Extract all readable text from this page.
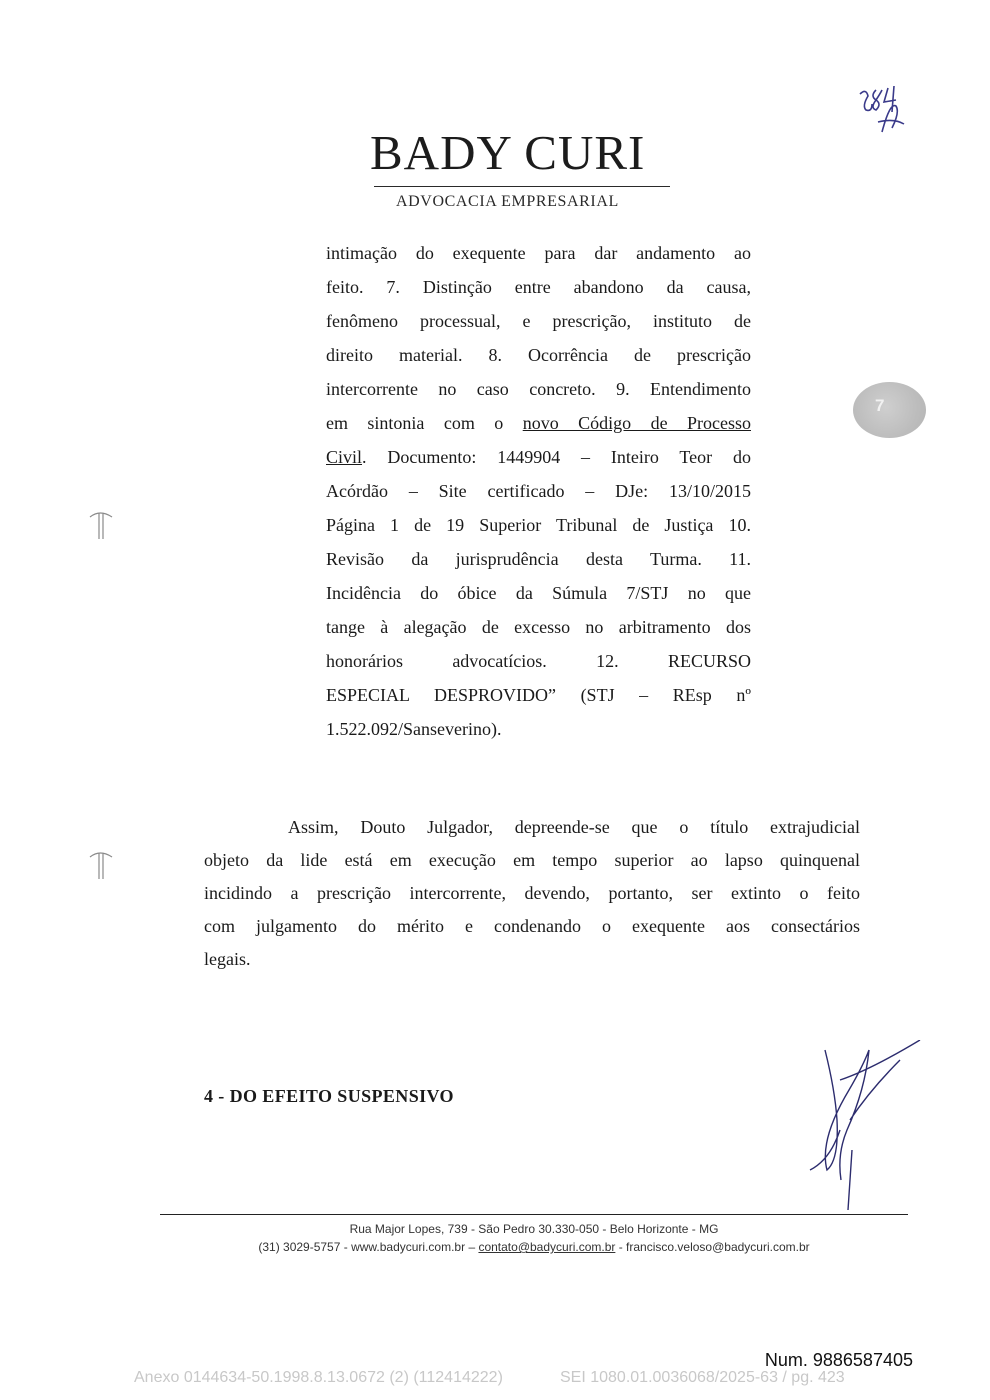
BADY CURI
ADVOCACIA EMPRESARIAL
7
intimação do exequente para dar andamento ao
feito. 7. Distinção entre abandono da causa,
fenômeno processual, e prescrição, instituto de
direito material. 8. Ocorrência de prescrição
intercorrente no caso concreto. 9. Entendimento
em sintonia com o novo Código de Processo
Civil. Documento: 1449904 – Inteiro Teor do
Acórdão – Site certificado – DJe: 13/10/2015
Página 1 de 19 Superior Tribunal de Justiça 10.
Revisão da jurisprudência desta Turma. 11.
Incidência do óbice da Súmula 7/STJ no que
tange à alegação de excesso no arbitramento dos
honorários advocatícios. 12. RECURSO
ESPECIAL DESPROVIDO” (STJ – REsp nº
1.522.092/Sanseverino).
Assim, Douto Julgador, depreende-se que o título extrajudicial
objeto da lide está em execução em tempo superior ao lapso quinquenal
incidindo a prescrição intercorrente, devendo, portanto, ser extinto o feito
com julgamento do mérito e condenando o exequente aos consectários
legais.
4 - DO EFEITO SUSPENSIVO
Rua Major Lopes, 739 - São Pedro 30.330-050 - Belo Horizonte - MG
(31) 3029-5757 - www.badycuri.com.br – contato@badycuri.com.br - francisco.veloso@badycuri.com.br
Num. 9886587405
Anexo 0144634-50.1998.8.13.0672 (2) (112414222)	SEI 1080.01.0036068/2025-63 / pg. 423
